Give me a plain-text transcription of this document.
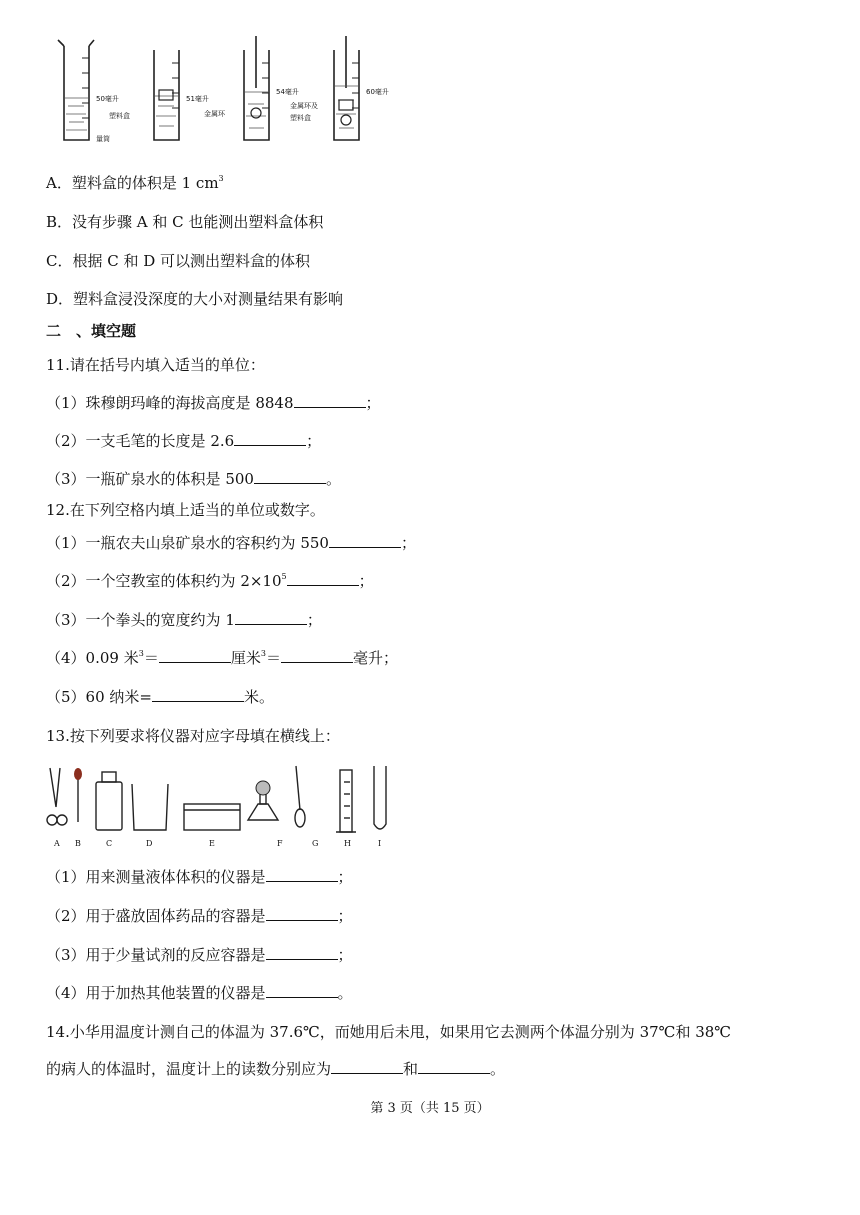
50毫升
量筒
塑料盒
51毫升
54毫升
金属环
金属环及
塑料盒
60毫升
A．塑料盒的体积是 1 $cm^3$
B．没有步骤 A 和 C 也能测出塑料盒体积
C．根据 C 和 D 可以测出塑料盒的体积
D．塑料盒浸没深度的大小对测量结果有影响
二　、填空题
11.请在括号内填入适当的单位：
（1）珠穆朗玛峰的海拔高度是 8848	；
（2）一支毛笔的长度是 2.6	；
（3）一瓶矿泉水的体积是 500	。
12.在下列空格内填上适当的单位或数字。
（1）一瓶农夫山泉矿泉水的容积约为 550	；
（2）一个空教室的体积约为 $2\times 10^5$	；
（3）一个拳头的宽度约为 1	；
（4）0.09 米$^3$＝	厘米$^3$＝	毫升；
（5）60 纳米=	米。
13.按下列要求将仪器对应字母填在横线上：
A B	C	D	E	F	G	H	I
（1）用来测量液体体积的仪器是	；
（2）用于盛放固体药品的容器是	；
（3）用于少量试剂的反应容器是	；
（4）用于加热其他装置的仪器是	。
14.小华用温度计测自己的体温为 37.6℃，而她用后未甩，如果用它去测两个体温分别为 37℃和 38℃
的病人的体温时，温度计上的读数分别应为	和	。
第 3 页（共 15 页）
